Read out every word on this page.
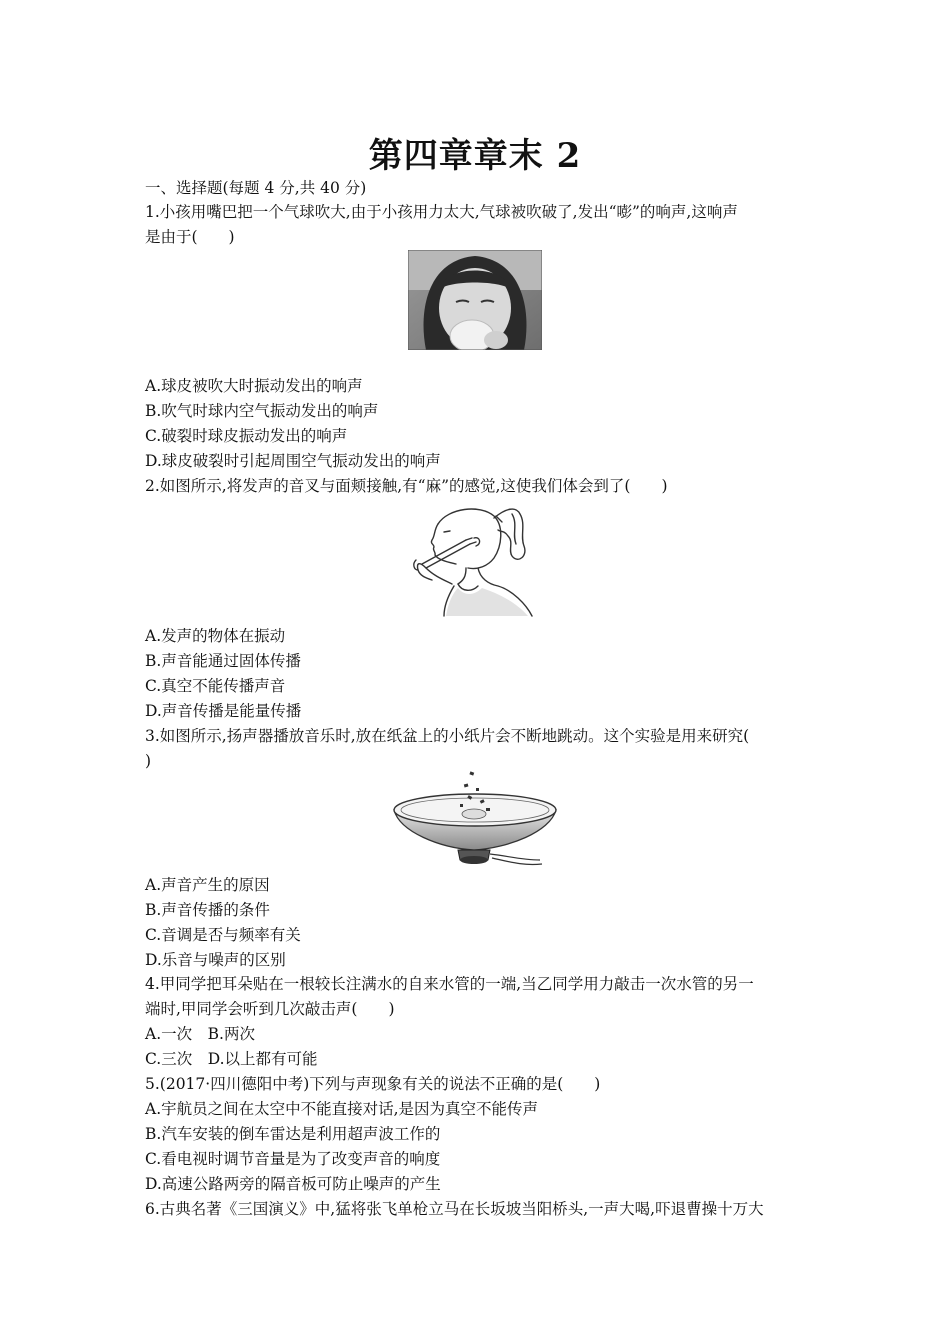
第四章章末 2
一、选择题(每题 4 分,共 40 分)
1.小孩用嘴巴把一个气球吹大,由于小孩用力太大,气球被吹破了,发出“嘭”的响声,这响声
是由于(　　)
A.球皮被吹大时振动发出的响声
B.吹气时球内空气振动发出的响声
C.破裂时球皮振动发出的响声
D.球皮破裂时引起周围空气振动发出的响声
2.如图所示,将发声的音叉与面颊接触,有“麻”的感觉,这使我们体会到了(　　)
A.发声的物体在振动
B.声音能通过固体传播
C.真空不能传播声音
D.声音传播是能量传播
3.如图所示,扬声器播放音乐时,放在纸盆上的小纸片会不断地跳动。这个实验是用来研究(
)
A.声音产生的原因
B.声音传播的条件
C.音调是否与频率有关
D.乐音与噪声的区别
4.甲同学把耳朵贴在一根较长注满水的自来水管的一端,当乙同学用力敲击一次水管的另一
端时,甲同学会听到几次敲击声(　　)
A.一次　B.两次
C.三次　D.以上都有可能
5.(2017·四川德阳中考)下列与声现象有关的说法不正确的是(　　)
A.宇航员之间在太空中不能直接对话,是因为真空不能传声
B.汽车安装的倒车雷达是利用超声波工作的
C.看电视时调节音量是为了改变声音的响度
D.高速公路两旁的隔音板可防止噪声的产生
6.古典名著《三国演义》中,猛将张飞单枪立马在长坂坡当阳桥头,一声大喝,吓退曹操十万大
